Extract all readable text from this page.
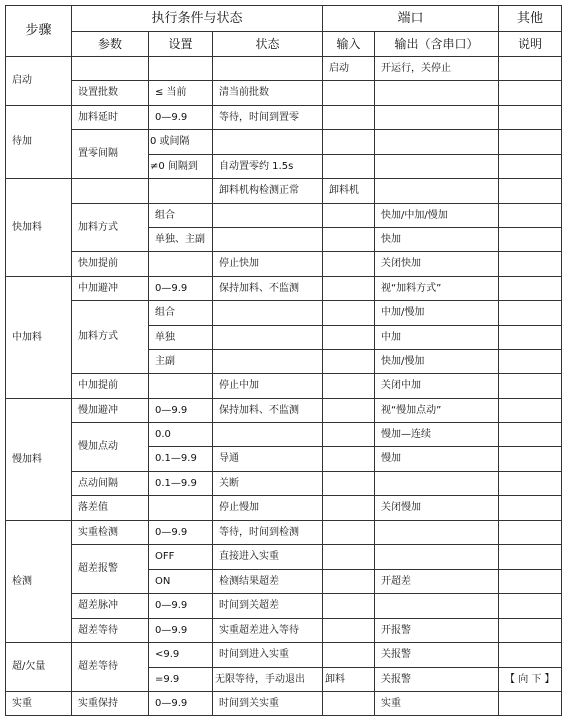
步骤	执行条件与状态			端口		其他
	参数	设置	状态	输入	输出（含串口）	说明
启动				启动	开运行，关停止	
	设置批数	≤ 当前	清当前批数			
待加	加料延时	0—9.9	等待，时间到置零			
	置零间隔	0 或间隔				
		≠0 间隔到	自动置零约 1.5s			
快加料			卸料机构检测正常	卸料机		
	加料方式	组合			快加/中加/慢加	
		单独、主副			快加	
	快加提前		停止快加		关闭快加	
中加料	中加避冲	0—9.9	保持加料、不监测		视“加料方式”	
	加料方式	组合			中加/慢加	
		单独			中加	
		主副			快加/慢加	
	中加提前		停止中加		关闭中加	
慢加料	慢加避冲	0—9.9	保持加料、不监测		视“慢加点动”	
	慢加点动	0.0			慢加—连续	
		0.1—9.9	导通		慢加	
	点动间隔	0.1—9.9	关断			
	落差值		停止慢加		关闭慢加	
检测	实重检测	0—9.9	等待，时间到检测			
	超差报警	OFF	直接进入实重			
		ON	检测结果超差		开超差	
	超差脉冲	0—9.9	时间到关超差			
	超差等待	0—9.9	实重超差进入等待		开报警	
超/欠量	超差等待	<9.9	时间到进入实重		关报警	
		=9.9	无限等待，手动退出	卸料	关报警	【 向 下 】
实重	实重保持	0—9.9	时间到关实重		实重	
